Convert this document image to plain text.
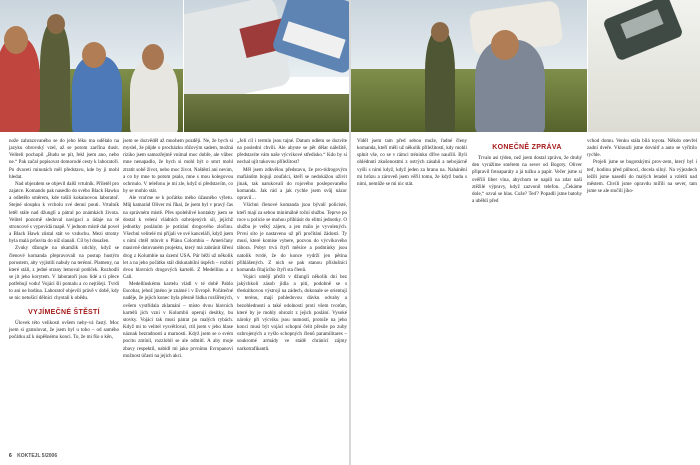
nože zahrazovaného se do jeho léku ma udělalo na jazyku obrovský vzel, až se potom zarčína dusit. Veliteli pochopil „Budu se pít, řekl jsem ano, nebo ne.“ Pak začal popisovat domorodé cesty k laboratoři. Po dvaceti minutách měl představu, kde by ji mohl hledat.

Nad objezdem se objevil další vrtulník. Přiletěl pro zajatce. Komando pak nasedlo do svého Black Hawku a odletělo směrem, kde tušili kokainovou laboratoř. Stejné sloupku k vrcholu své denní pouti. Vrtulník letěl stále nad džunglí a pátral po známkách života. Velitel pozorně sledoval navigaci a údaje na té stroncové s vypovídá mapě. V jednom místě dal povel a Black Hawk zůstal stát ve vzduchu. Mezi stromy byla malá průsvita do níž slanali. Cíl byl dosažen.

Zvuky džungle na okamžik utichly, když se členové komanda přepravovali na postup hustým porostem, aby vyjistili nabuly na terénní. Plameny, na které stáli, z jedné strany lemoval potůček. Rozhodli se jít jeho korytem. V laboratoři jsou lidé a ti přece potřebují vodu! Vojáci šli pomalu a co nejtišeji. Tvrdí to ani ne hodina. Laboratoř objevili právě v době, kdy se nic netušící dělníci chystali k obědu.

VYJÍMEČNÉ ŠTĚSTÍ

Úlovek této velikosti ovšem neby-vá častý. Moc jsem si gratulovat, že jsem byl u toho – od samého počátku až k úspěšnému konci. To, že mi fšo o kěn,

jsem se dozvěděl až mnohem později. Ne, že bych si myslel, že půjde o procházku růžovým sadem, možná riziko jsem samozřejmě vnímal moc dobře, ale vůbec mne nenapadlo, že bych si mohl být o smrt mohl ztratit sobě život, nebo moc život. Naštěstí ani nevim, a co by mne to potom psalo, mne s mou kolegovou ochrnulo. V telefonu je mi zle, když si představím, co by se mohlo stát.

Ale vraťme se k počátku mého úžasného výletu. Můj kamarád Oliver mi říkal, že jsem byl v pravý čas na správném místě. Přes spolehlivé kontakty jsem se dostal k velení vládních ozbrojených sil, jejichž jednotky posláním je potírání drogového zločinu. Všechni velitelé mi přijali ve své kanceláři, když jsem s nimi chtěl mluvit o Plánu Colombia – Američany masivně dotovaném projektu, který má zabránit šíření drog z Kolumbie na území USA. Pár běží už několik let a na jeho počátku stál diskutabilní úspěch – rozbití dvou hlavních drogových kartelů. Z Medellínu a z Cali.

Medellínskému kartelu vládl v té době Pablo Escobar, jehož jméno je známé i v Evropě. Počátečné naděje, že jejich konec byla přesně řádka rozšířených, ovšem vystřídala zklamání – místo dvou hlavních kartelů jich vzni v Kolumbii operuji desítky, bu stovky. Vojáci tak musí pátrat po malých rybách. Když mi to velitel vysvětloval, ctil jsem v jeho hlase náznak bezradnosti a marnosti. Když jsem se o svém pocitu zmínil, rozzlobil se ale odmítl. A aby moje zbavy respektil, nabídl mi jako prvnímu Evropanovi možnost účasti na jejich akci.

„Jeli cíl i termín jsou tajné. Datum odletu se dozvíte na poslední chvíli. Ale abyste se pět dělat náležitě, představíte vám naše výcvikové středisko.“ Kdo by si nechal ujít takovou příležitost?

Měl jsem zdkvělou představu, že pro-tidrogovým mafiánům bojuji zoufalci, kteří se nedokážou uživit jinak, tak narukovali do rojového poslepovaného komanda. Jak rád a jak rychle jsem svůj názor opravil…

Všichni členové komanda jsou bývalí policisté, kteří mají za sebou minimálně roční službu. Teprve po roce u policie se mohou přihlásit do elitní jednotky. O službu je velký zájem, a jen málo je vyvolených. První síto je nastaveno už při pročítání žádostí. Ty musí, které komise vybere, pozvou do výcvikového tábora. Pobyt trvá čtyři měsíce a podmínky jsou natolik tvrdé, že do konce vydrží jen pětina přihlášených. Z nich se pak stanou příslušníci komanda čítajícího čtyři sta členů.

Vojáci umějí přežít v džungli několik dní bez jakýchkoli zásob jídla a pití, podobně se s třeskútkovou výstrojí na zádech, dokonale se orientují v terénu, mají pohledovou dávku odvahy a bezohlednosti a také odolnosti proti všem tvorům, které by je mohly ohrozit z jejich poslání. Vysoké nároky při výcviku jsou nutností, protože na jeho konci musí být vojáci schopni čelit přesile po zuby ozbrojených a vyšlo schopných členů paramilitares – soukromé armády ve stádě chránící zájmy narkotrafikantů.

6 KOKTEJL 5/2006

Viděl jsem tam před sebou muže, řadné členy komanda, kteří měli už několik příležitostí, kdy mohli splnit vše, co se v rámci tréninku dříve naučili. Byli ohlédnutí zkušenostmi z ostrých zásahů a nebojácně vyšli s nimi když, když jeden za hranu na. Nahánění mi hrůzu a zároveň jsem věřil tomu, že když budu s nimi, nemůže se mi nic stát.

KONEČNĚ ZPRÁVA

Trvalo asi týden, než jsem dostal zprávu, že druhý den vyrážíme směrem na sever od Bogoty. Oliver připravil fotoaparáty a já tužku a papír. Večer jsme si ověřili liber vína, abychom se napili na zdar naší ztěžilé výpravy, když zazvonil telefon. „Čekáme dole,“ ozval se hlas. Cože? Teď? Popadli jsme batohy a uběhli před

vchod domu. Venku stála bílá toyota. Někdo otevřel zadní dveře. Vklouzli jsme dovnitř a auto se vyřítilo rychle.

Projeli jsme se bogotskými prov-zem, který byl i teď, hodinu před půlnocí, docela silný. Na výjezdech ležíli jsme nasedli do malých letadel a vzlétli nad městem. Chvíli jsme opravdu mířili na sever, tam jsme se ale stočili jiho-
